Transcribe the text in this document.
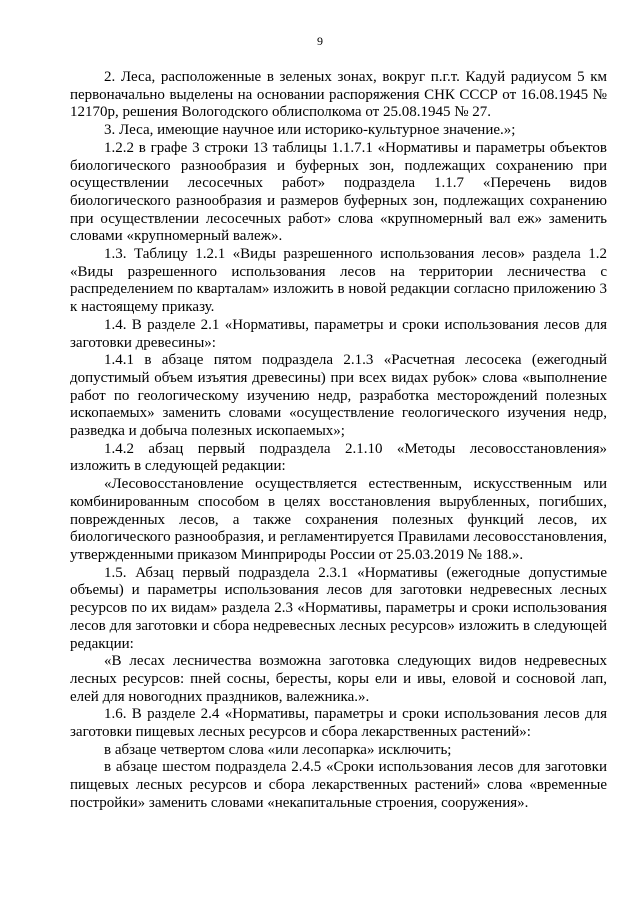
9

2. Леса, расположенные в зеленых зонах, вокруг п.г.т. Кадуй радиусом 5 км первоначально выделены на основании распоряжения СНК СССР от 16.08.1945 № 12170р, решения Вологодского облисполкома от 25.08.1945 № 27.

3. Леса, имеющие научное или историко-культурное значение.»;

1.2.2 в графе 3 строки 13 таблицы 1.1.7.1 «Нормативы и параметры объектов биологического разнообразия и буферных зон, подлежащих сохранению при осуществлении лесосечных работ» подраздела 1.1.7 «Перечень видов биологического разнообразия и размеров буферных зон, подлежащих сохранению при осуществлении лесосечных работ» слова «крупномерный вал еж» заменить словами «крупномерный валеж».

1.3. Таблицу 1.2.1 «Виды разрешенного использования лесов» раздела 1.2 «Виды разрешенного использования лесов на территории лесничества с распределением по кварталам» изложить в новой редакции согласно приложению 3 к настоящему приказу.

1.4. В разделе 2.1 «Нормативы, параметры и сроки использования лесов для заготовки древесины»:

1.4.1 в абзаце пятом подраздела 2.1.3 «Расчетная лесосека (ежегодный допустимый объем изъятия древесины) при всех видах рубок» слова «выполнение работ по геологическому изучению недр, разработка месторождений полезных ископаемых» заменить словами «осуществление геологического изучения недр, разведка и добыча полезных ископаемых»;

1.4.2 абзац первый подраздела 2.1.10 «Методы лесовосстановления» изложить в следующей редакции:

«Лесовосстановление осуществляется естественным, искусственным или комбинированным способом в целях восстановления вырубленных, погибших, поврежденных лесов, а также сохранения полезных функций лесов, их биологического разнообразия, и регламентируется Правилами лесовосстановления, утвержденными приказом Минприроды России от 25.03.2019 № 188.».

1.5. Абзац первый подраздела 2.3.1 «Нормативы (ежегодные допустимые объемы) и параметры использования лесов для заготовки недревесных лесных ресурсов по их видам» раздела 2.3 «Нормативы, параметры и сроки использования лесов для заготовки и сбора недревесных лесных ресурсов» изложить в следующей редакции:

«В лесах лесничества возможна заготовка следующих видов недревесных лесных ресурсов: пней сосны, бересты, коры ели и ивы, еловой и сосновой лап, елей для новогодних праздников, валежника.».

1.6. В разделе 2.4 «Нормативы, параметры и сроки использования лесов для заготовки пищевых лесных ресурсов и сбора лекарственных растений»:

в абзаце четвертом слова «или лесопарка» исключить;

в абзаце шестом подраздела 2.4.5 «Сроки использования лесов для заготовки пищевых лесных ресурсов и сбора лекарственных растений» слова «временные постройки» заменить словами «некапитальные строения, сооружения».
